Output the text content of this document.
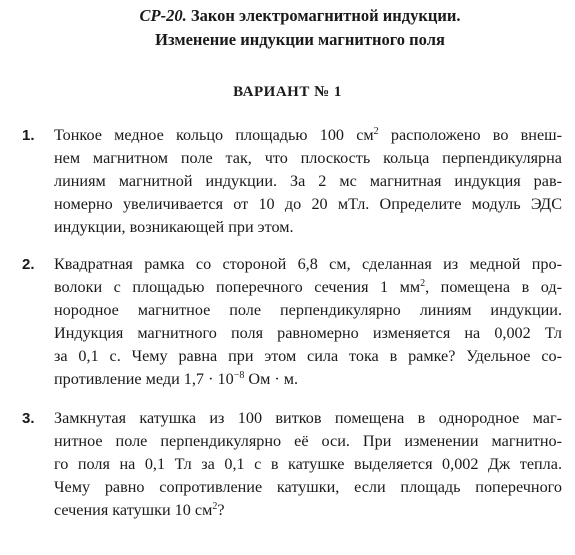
СР-20. Закон электромагнитной индукции.
Изменение индукции магнитного поля
ВАРИАНТ № 1
1. Тонкое медное кольцо площадью 100 $см^2$ расположено во внеш-
нем магнитном поле так, что плоскость кольца перпендикулярна
линиям магнитной индукции. За 2 мс магнитная индукция рав-
номерно увеличивается от 10 до 20 мТл. Определите модуль ЭДС
индукции, возникающей при этом.
2. Квадратная рамка со стороной 6,8 см, сделанная из медной про-
волоки с площадью поперечного сечения 1 $мм^2$, помещена в од-
нородное магнитное поле перпендикулярно линиям индукции.
Индукция магнитного поля равномерно изменяется на 0,002 Тл
за 0,1 с. Чему равна при этом сила тока в рамке? Удельное со-
противление меди $1,7 \cdot 10^{-8}$ Ом · м.
3. Замкнутая катушка из 100 витков помещена в однородное маг-
нитное поле перпендикулярно её оси. При изменении магнитно-
го поля на 0,1 Тл за 0,1 с в катушке выделяется 0,002 Дж тепла.
Чему равно сопротивление катушки, если площадь поперечного
сечения катушки 10 $см^2$?
